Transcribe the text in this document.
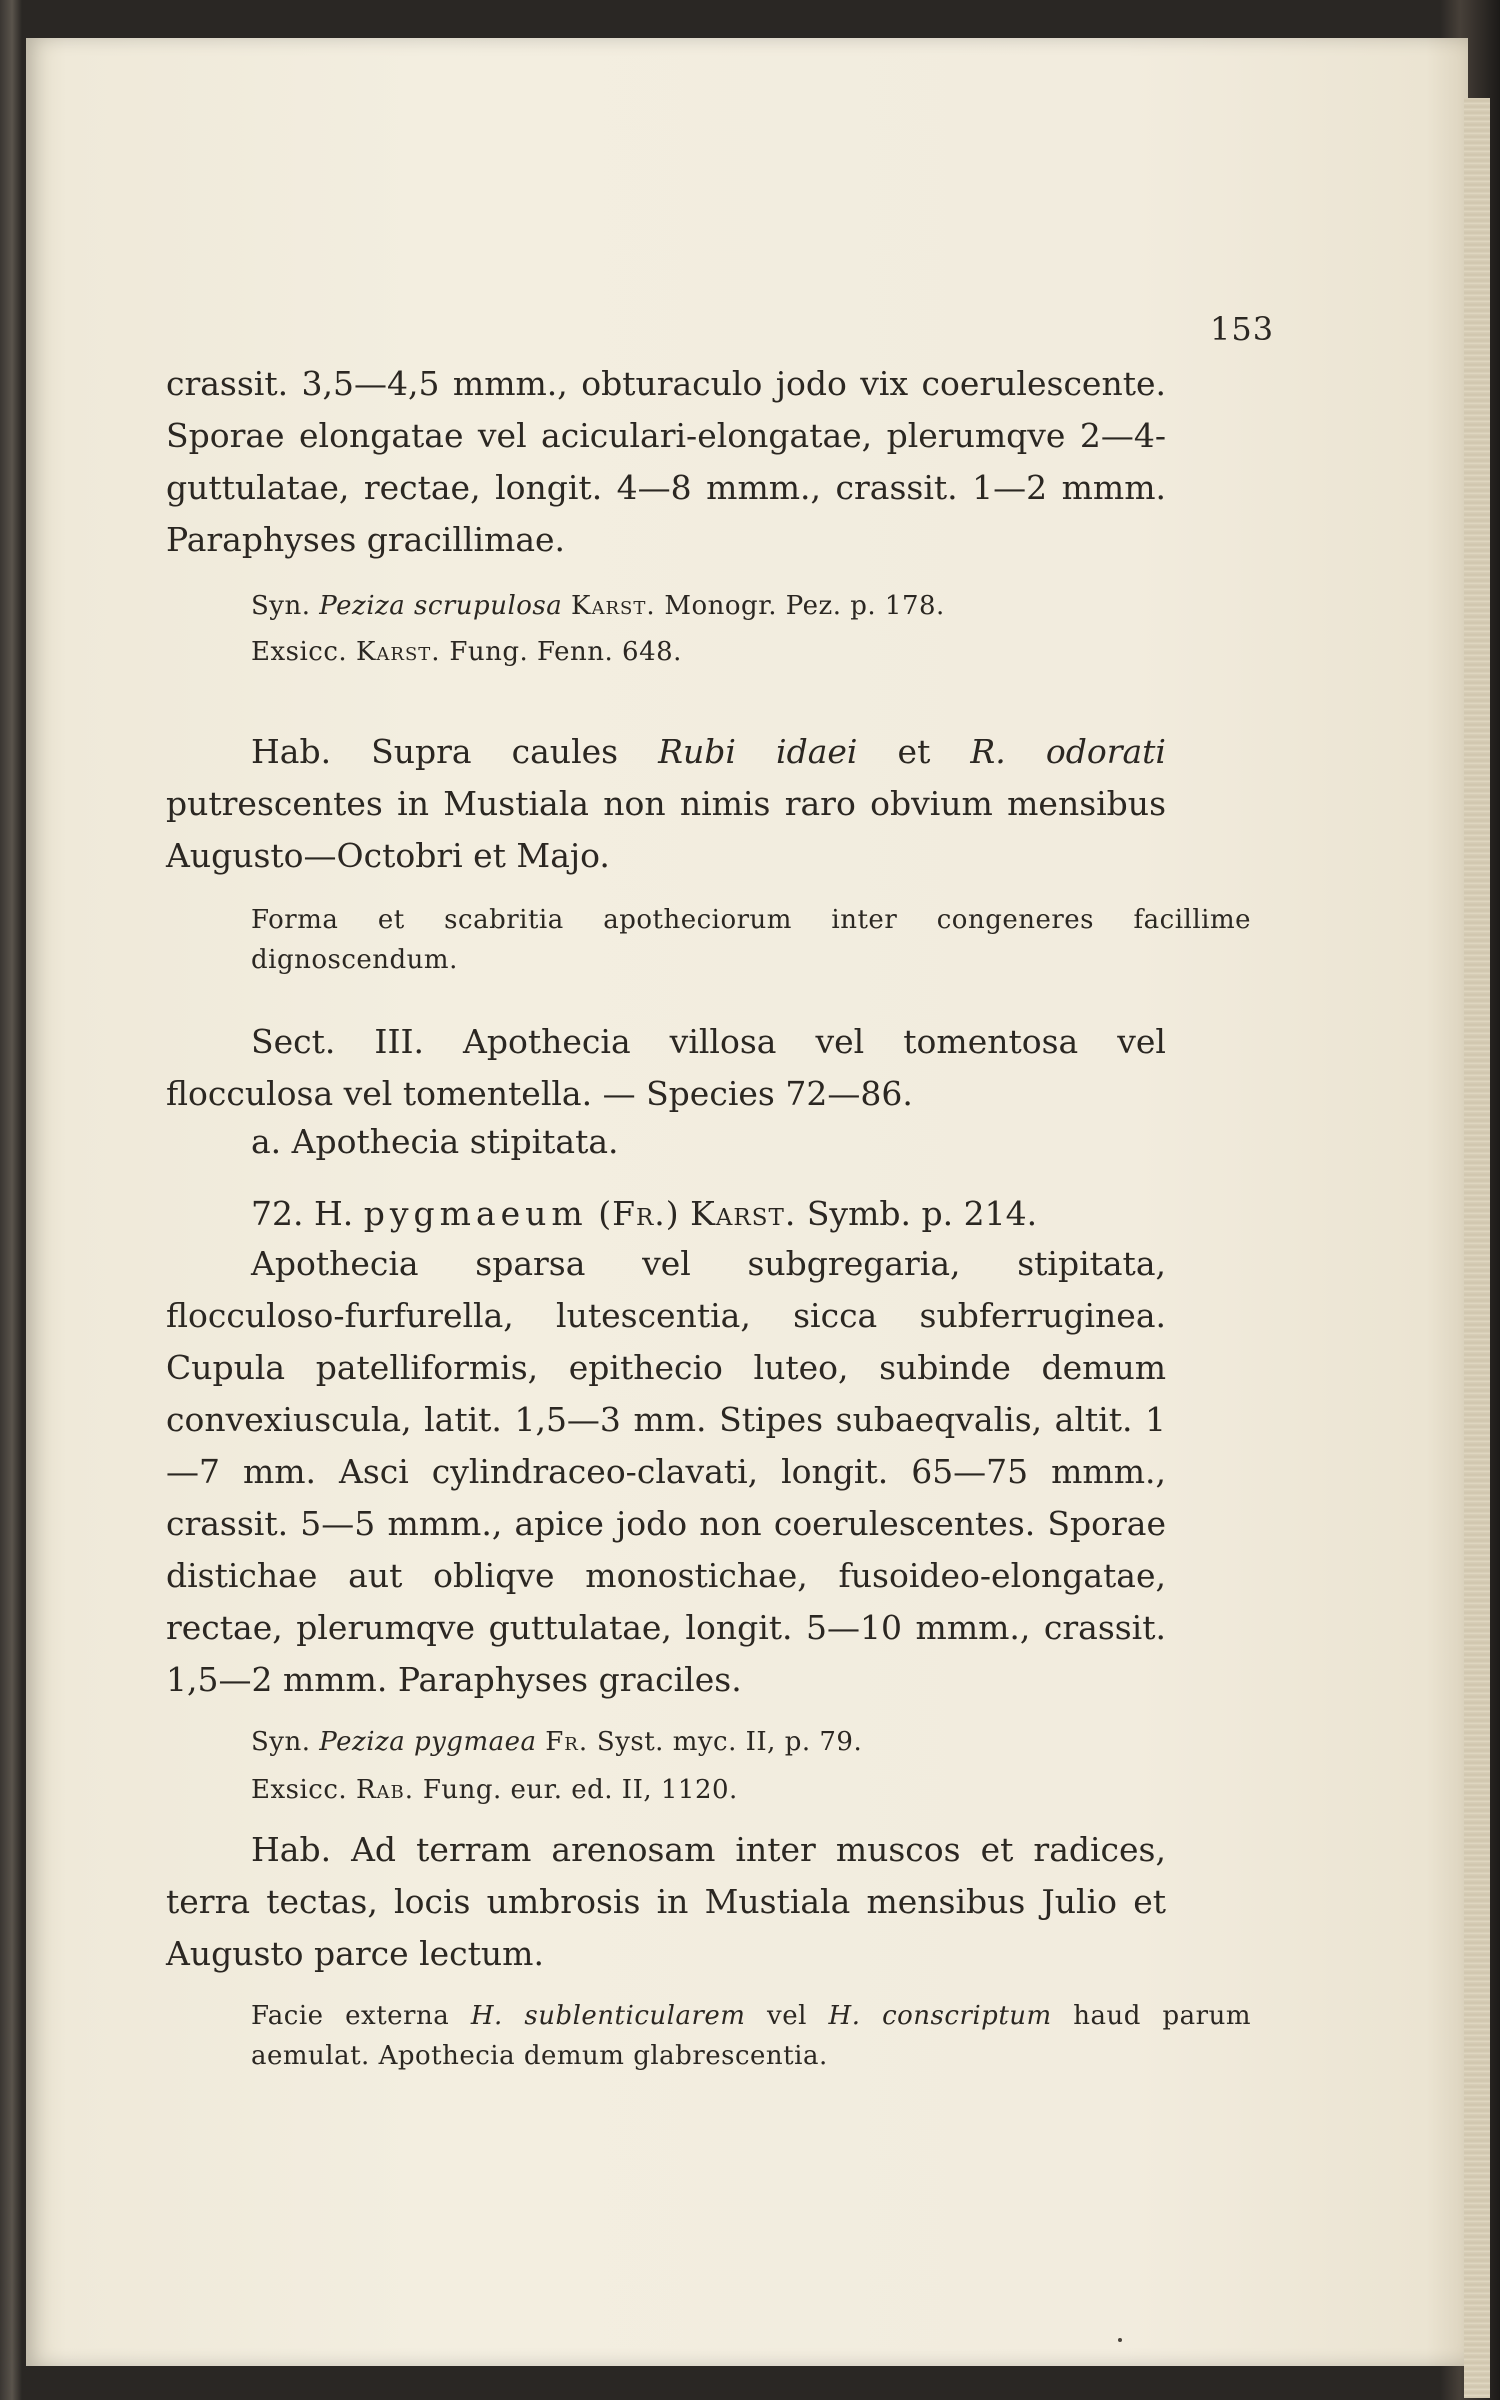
153

crassit. 3,5—4,5 mmm., obturaculo jodo vix coerulescente. Sporae elongatae vel aciculari-elongatae, plerumqve 2—4-guttulatae, rectae, longit. 4—8 mmm., crassit. 1—2 mmm. Paraphyses gracillimae.

Syn. Peziza scrupulosa Karst. Monogr. Pez. p. 178.

Exsicc. Karst. Fung. Fenn. 648.

Hab. Supra caules Rubi idaei et R. odorati putrescentes in Mustiala non nimis raro obvium mensibus Augusto—Octobri et Majo.

Forma et scabritia apotheciorum inter congeneres facillime dignoscendum.

Sect. III. Apothecia villosa vel tomentosa vel flocculosa vel tomentella. — Species 72—86.

a. Apothecia stipitata.

72. H. pygmaeum (Fr.) Karst. Symb. p. 214.

Apothecia sparsa vel subgregaria, stipitata, flocculoso-furfurella, lutescentia, sicca subferruginea. Cupula patelliformis, epithecio luteo, subinde demum convexiuscula, latit. 1,5—3 mm. Stipes subaeqvalis, altit. 1—7 mm. Asci cylindraceo-clavati, longit. 65—75 mmm., crassit. 5—5 mmm., apice jodo non coerulescentes. Sporae distichae aut obliqve monostichae, fusoideo-elongatae, rectae, plerumqve guttulatae, longit. 5—10 mmm., crassit. 1,5—2 mmm. Paraphyses graciles.

Syn. Peziza pygmaea Fr. Syst. myc. II, p. 79.

Exsicc. Rab. Fung. eur. ed. II, 1120.

Hab. Ad terram arenosam inter muscos et radices, terra tectas, locis umbrosis in Mustiala mensibus Julio et Augusto parce lectum.

Facie externa H. sublenticularem vel H. conscriptum haud parum aemulat. Apothecia demum glabrescentia.
